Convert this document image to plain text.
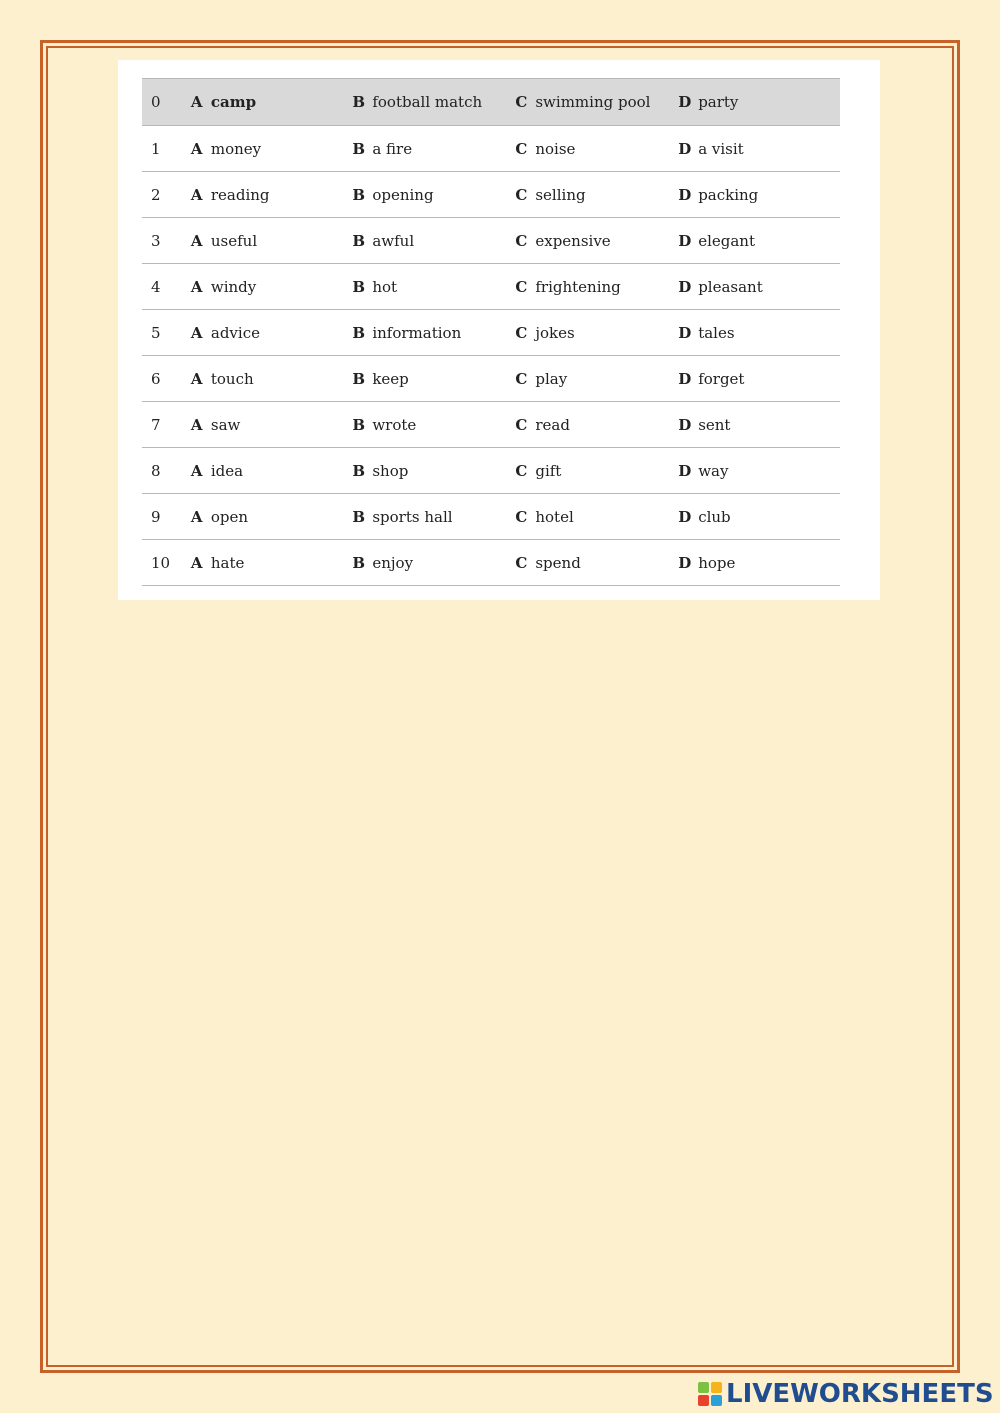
0	A camp	B football match	C swimming pool	D party
1	A money	B a fire	C noise	D a visit
2	A reading	B opening	C selling	D packing
3	A useful	B awful	C expensive	D elegant
4	A windy	B hot	C frightening	D pleasant
5	A advice	B information	C jokes	D tales
6	A touch	B keep	C play	D forget
7	A saw	B wrote	C read	D sent
8	A idea	B shop	C gift	D way
9	A open	B sports hall	C hotel	D club
10	A hate	B enjoy	C spend	D hope
LIVEWORKSHEETS
